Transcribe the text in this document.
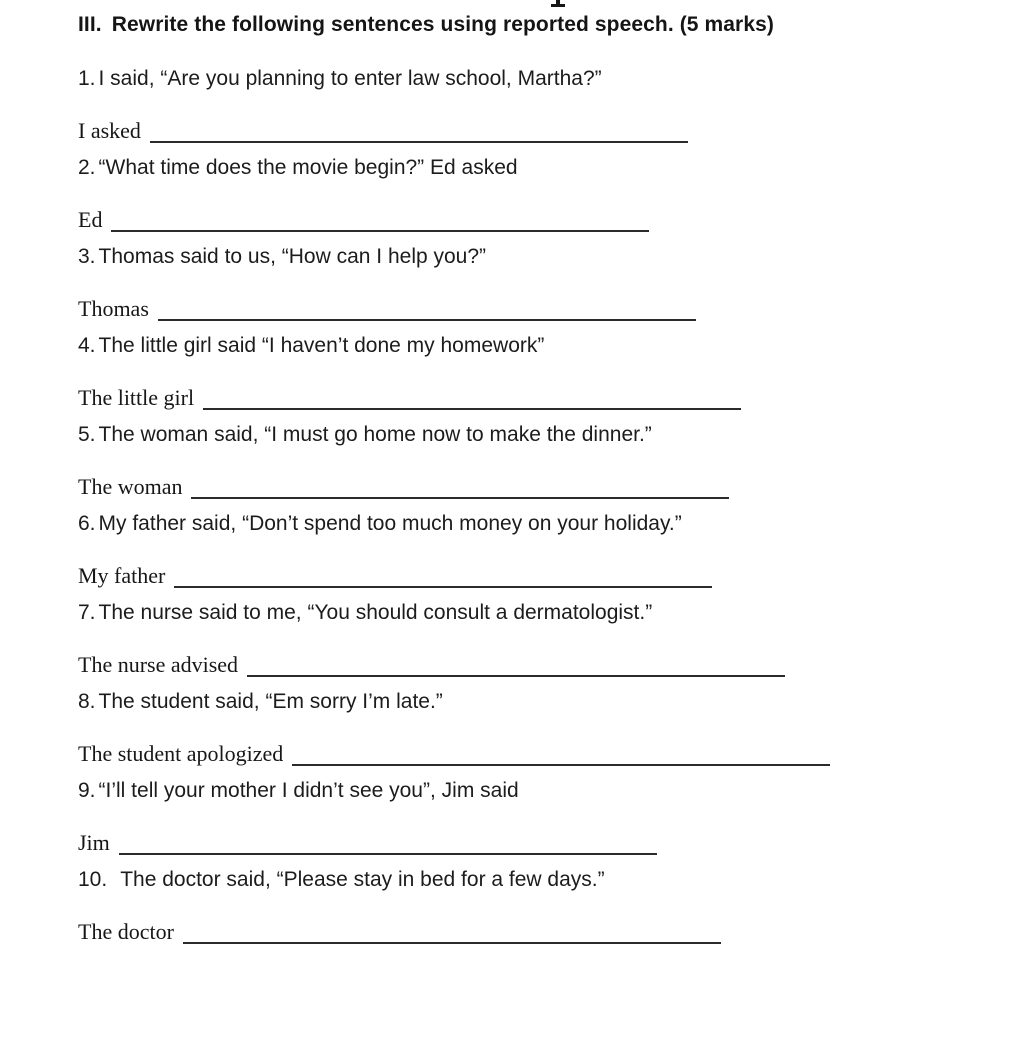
III. Rewrite the following sentences using reported speech. (5 marks)

1. I said, “Are you planning to enter law school, Martha?”

I asked

2. “What time does the movie begin?” Ed asked

Ed

3. Thomas said to us, “How can I help you?”

Thomas

4. The little girl said “I haven’t done my homework”

The little girl

5. The woman said, “I must go home now to make the dinner.”

The woman

6. My father said, “Don’t spend too much money on your holiday.”

My father

7. The nurse said to me, “You should consult a dermatologist.”

The nurse advised

8. The student said, “Em sorry I’m late.”

The student apologized

9. “I’ll tell your mother I didn’t see you”, Jim said

Jim

10. The doctor said, “Please stay in bed for a few days.”

The doctor
